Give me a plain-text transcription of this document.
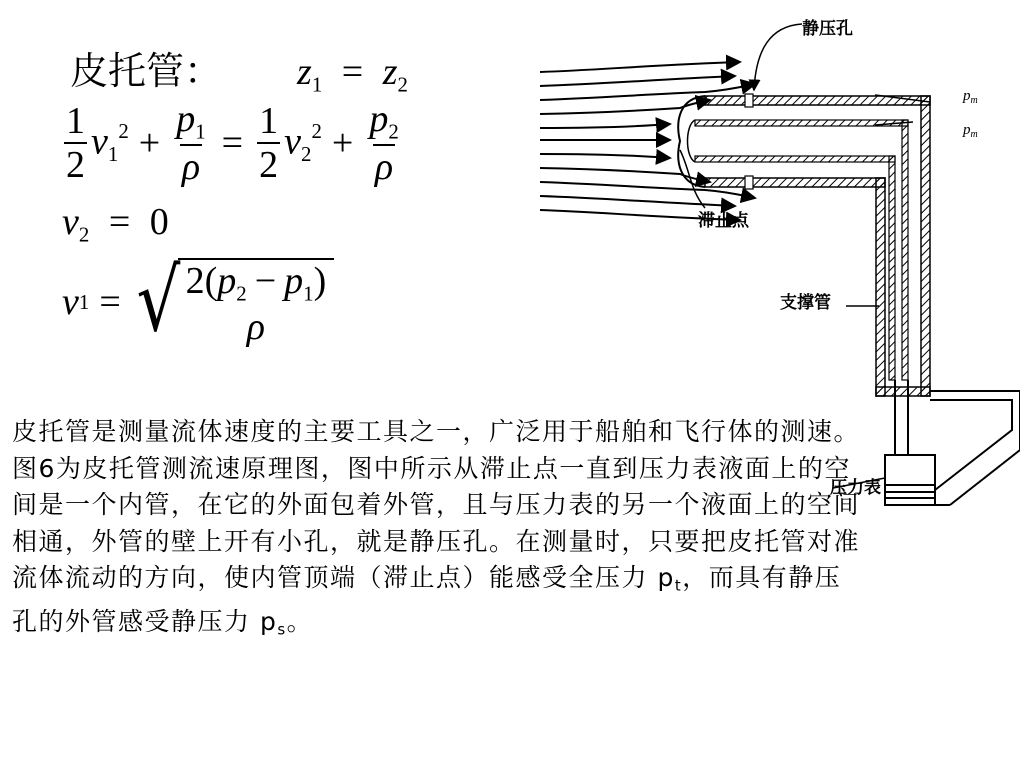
皮托管： $z_1 = z_2$
$\frac{1}{2} v_1^2 + \frac{p_1}{\rho} = \frac{1}{2} v_2^2 + \frac{p_2}{\rho}$
$v_2 = 0$
v 1 = √ $2(p_2 - p_1)$
ρ
皮托管是测量流体速度的主要工具之一，广泛用于船舶和飞行体的测速。图6为皮托管测流速原理图，图中所示从滞止点一直到压力表液面上的空间是一个内管，在它的外面包着外管，且与压力表的另一个液面上的空间相通，外管的壁上开有小孔，就是静压孔。在测量时，只要把皮托管对准流体流动的方向，使内管顶端（滞止点）能感受全压力 pt，而具有静压孔的外管感受静压力 ps。
静压孔
滞止点
支撑管
压力表
$p_m$
$p_m$
